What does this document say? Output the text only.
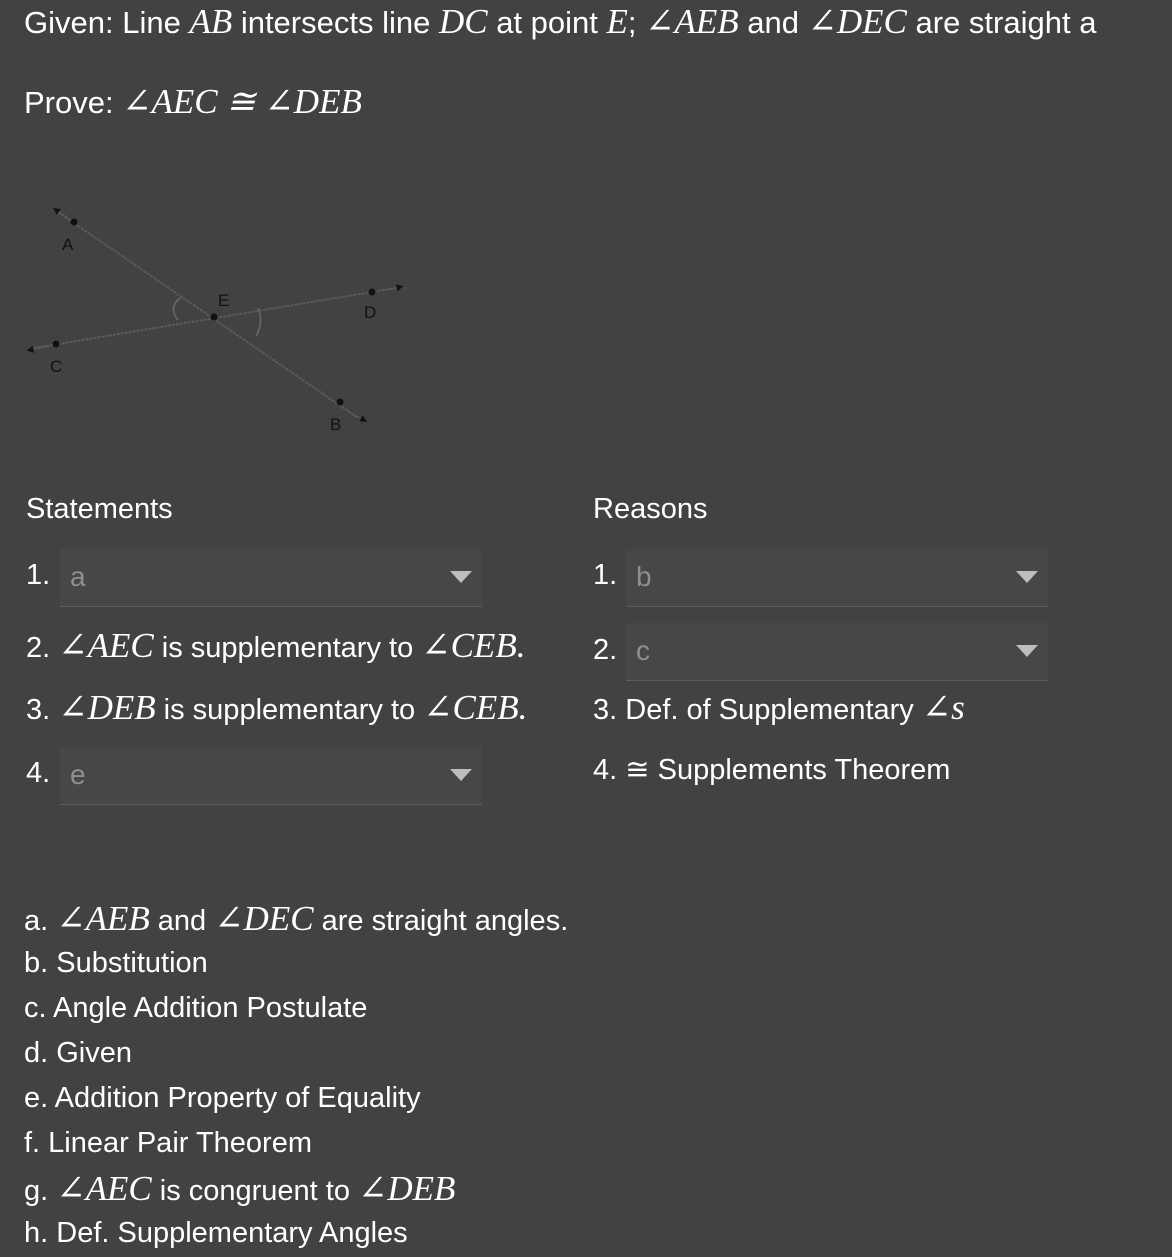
Given: Line AB intersects line DC at point E; ∠AEB and ∠DEC are straight a
Prove: ∠AEC ≅ ∠DEB
A
E
D
C
B
Statements	Reasons
1. a	1. b
2. ∠AEC is supplementary to ∠CEB. 2. c
3. ∠DEB is supplementary to ∠CEB. 3. Def. of Supplementary ∠s
4. e	4. ≅ Supplements Theorem
a. ∠AEB and ∠DEC are straight angles.
b. Substitution
c. Angle Addition Postulate
d. Given
e. Addition Property of Equality
f. Linear Pair Theorem
g. ∠AEC is congruent to ∠DEB
h. Def. Supplementary Angles
